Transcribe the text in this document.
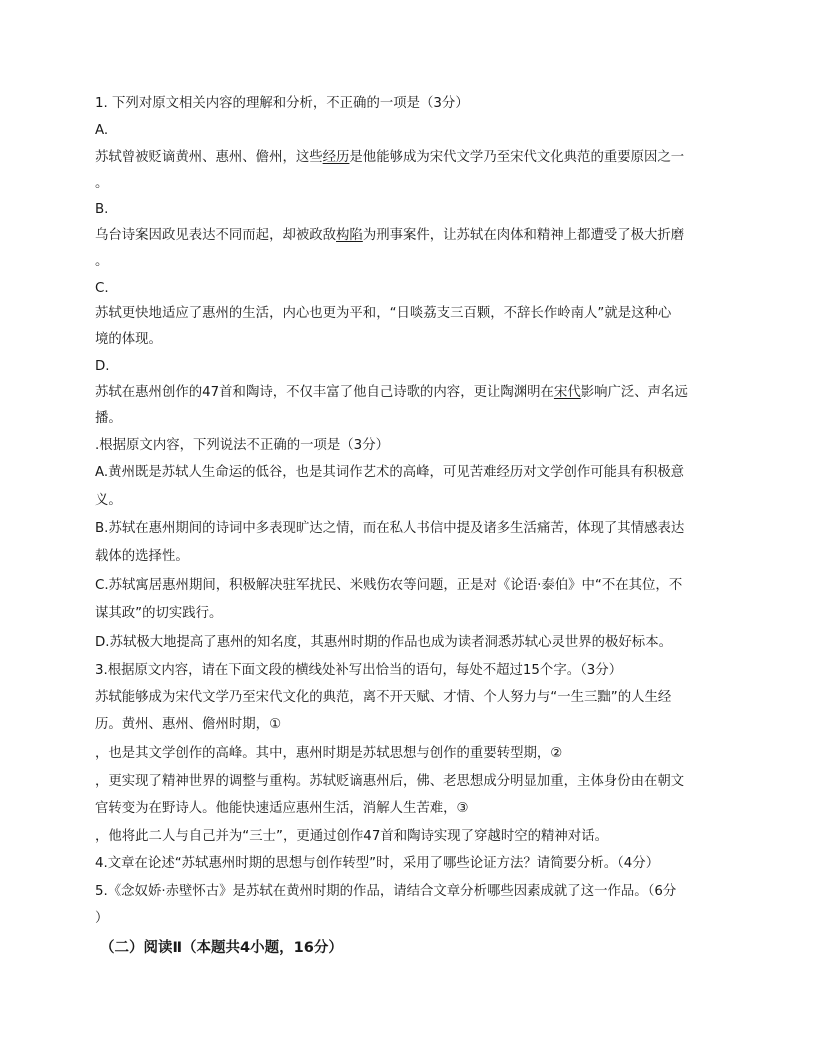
1. 下列对原文相关内容的理解和分析，不正确的一项是（3分）
A.
苏轼曾被贬谪黄州、惠州、儋州，这些经历是他能够成为宋代文学乃至宋代文化典范的重要原因之一
。
B.
乌台诗案因政见表达不同而起，却被政敌构陷为刑事案件，让苏轼在肉体和精神上都遭受了极大折磨
。
C.
苏轼更快地适应了惠州的生活，内心也更为平和，“日啖荔支三百颗，不辞长作岭南人”就是这种心
境的体现。
D.
苏轼在惠州创作的47首和陶诗，不仅丰富了他自己诗歌的内容，更让陶渊明在宋代影响广泛、声名远
播。
.根据原文内容，下列说法不正确的一项是（3分）
A.黄州既是苏轼人生命运的低谷，也是其词作艺术的高峰，可见苦难经历对文学创作可能具有积极意
义。
B.苏轼在惠州期间的诗词中多表现旷达之情，而在私人书信中提及诸多生活痛苦，体现了其情感表达
载体的选择性。
C.苏轼寓居惠州期间，积极解决驻军扰民、米贱伤农等问题，正是对《论语·泰伯》中“不在其位，不
谋其政”的切实践行。
D.苏轼极大地提高了惠州的知名度，其惠州时期的作品也成为读者洞悉苏轼心灵世界的极好标本。
3.根据原文内容，请在下面文段的横线处补写出恰当的语句，每处不超过15个字。（3分）
苏轼能够成为宋代文学乃至宋代文化的典范，离不开天赋、才情、个人努力与“一生三黜”的人生经
历。黄州、惠州、儋州时期，①
，也是其文学创作的高峰。其中，惠州时期是苏轼思想与创作的重要转型期，②
，更实现了精神世界的调整与重构。苏轼贬谪惠州后，佛、老思想成分明显加重，主体身份由在朝文
官转变为在野诗人。他能快速适应惠州生活，消解人生苦难，③
，他将此二人与自己并为“三士”，更通过创作47首和陶诗实现了穿越时空的精神对话。
4.文章在论述“苏轼惠州时期的思想与创作转型”时，采用了哪些论证方法？请简要分析。（4分）
5.《念奴娇·赤壁怀古》是苏轼在黄州时期的作品，请结合文章分析哪些因素成就了这一作品。（6分
）
（二）阅读Ⅱ（本题共4小题，16分）
